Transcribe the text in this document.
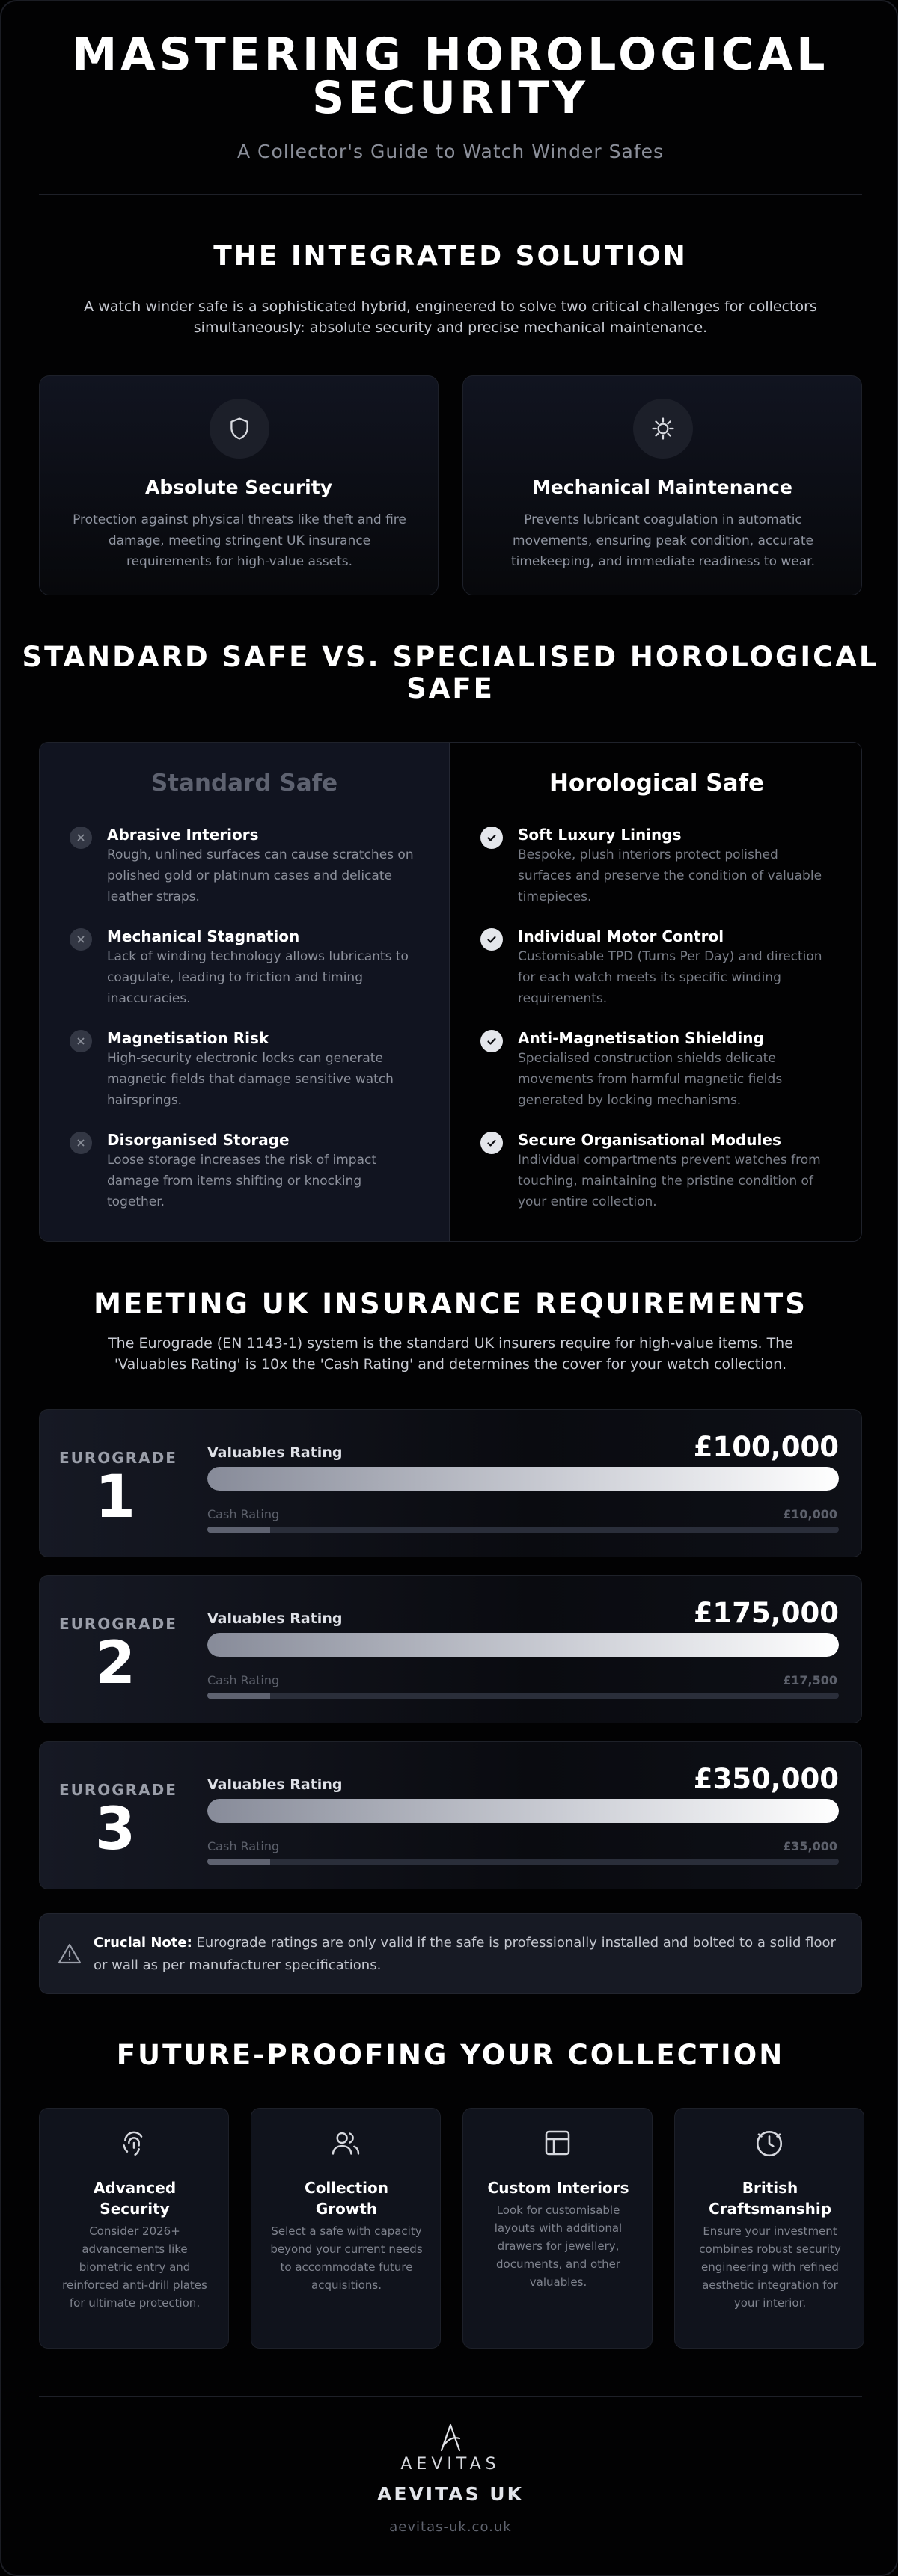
MASTERING HOROLOGICAL
SECURITY
A Collector's Guide to Watch Winder Safes
THE INTEGRATED SOLUTION
A watch winder safe is a sophisticated hybrid, engineered to solve two critical challenges for collectors simultaneously: absolute security and precise mechanical maintenance.
Absolute Security

Protection against physical threats like theft and fire damage, meeting stringent UK insurance requirements for high-value assets.

Mechanical Maintenance

Prevents lubricant coagulation in automatic movements, ensuring peak condition, accurate timekeeping, and immediate readiness to wear.

STANDARD SAFE VS. SPECIALISED HOROLOGICAL
SAFE
Standard Safe
Abrasive Interiors

Rough, unlined surfaces can cause scratches on polished gold or platinum cases and delicate leather straps.

Mechanical Stagnation

Lack of winding technology allows lubricants to coagulate, leading to friction and timing inaccuracies.

Magnetisation Risk

High-security electronic locks can generate magnetic fields that damage sensitive watch hairsprings.

Disorganised Storage

Loose storage increases the risk of impact damage from items shifting or knocking together.

Horological Safe
Soft Luxury Linings

Bespoke, plush interiors protect polished surfaces and preserve the condition of valuable timepieces.

Individual Motor Control

Customisable TPD (Turns Per Day) and direction for each watch meets its specific winding requirements.

Anti-Magnetisation Shielding

Specialised construction shields delicate movements from harmful magnetic fields generated by locking mechanisms.

Secure Organisational Modules

Individual compartments prevent watches from touching, maintaining the pristine condition of your entire collection.

MEETING UK INSURANCE REQUIREMENTS
The Eurograde (EN 1143-1) system is the standard UK insurers require for high-value items. The 'Valuables Rating' is 10x the 'Cash Rating' and determines the cover for your watch collection.
EUROGRADE
1
Valuables Rating	£100,000
Cash Rating	£10,000
EUROGRADE
2
Valuables Rating	£175,000
Cash Rating	£17,500
EUROGRADE
3
Valuables Rating	£350,000
Cash Rating	£35,000

Crucial Note: Eurograde ratings are only valid if the safe is professionally installed and bolted to a solid floor or wall as per manufacturer specifications.

FUTURE-PROOFING YOUR COLLECTION
Advanced
Security

Consider 2026+ advancements like biometric entry and reinforced anti-drill plates for ultimate protection.

Collection
Growth

Select a safe with capacity beyond your current needs to accommodate future acquisitions.

Custom Interiors

Look for customisable layouts with additional drawers for jewellery, documents, and other valuables.

British
Craftsmanship

Ensure your investment combines robust security engineering with refined aesthetic integration for your interior.

AEVITAS
AEVITAS UK
aevitas-uk.co.uk
